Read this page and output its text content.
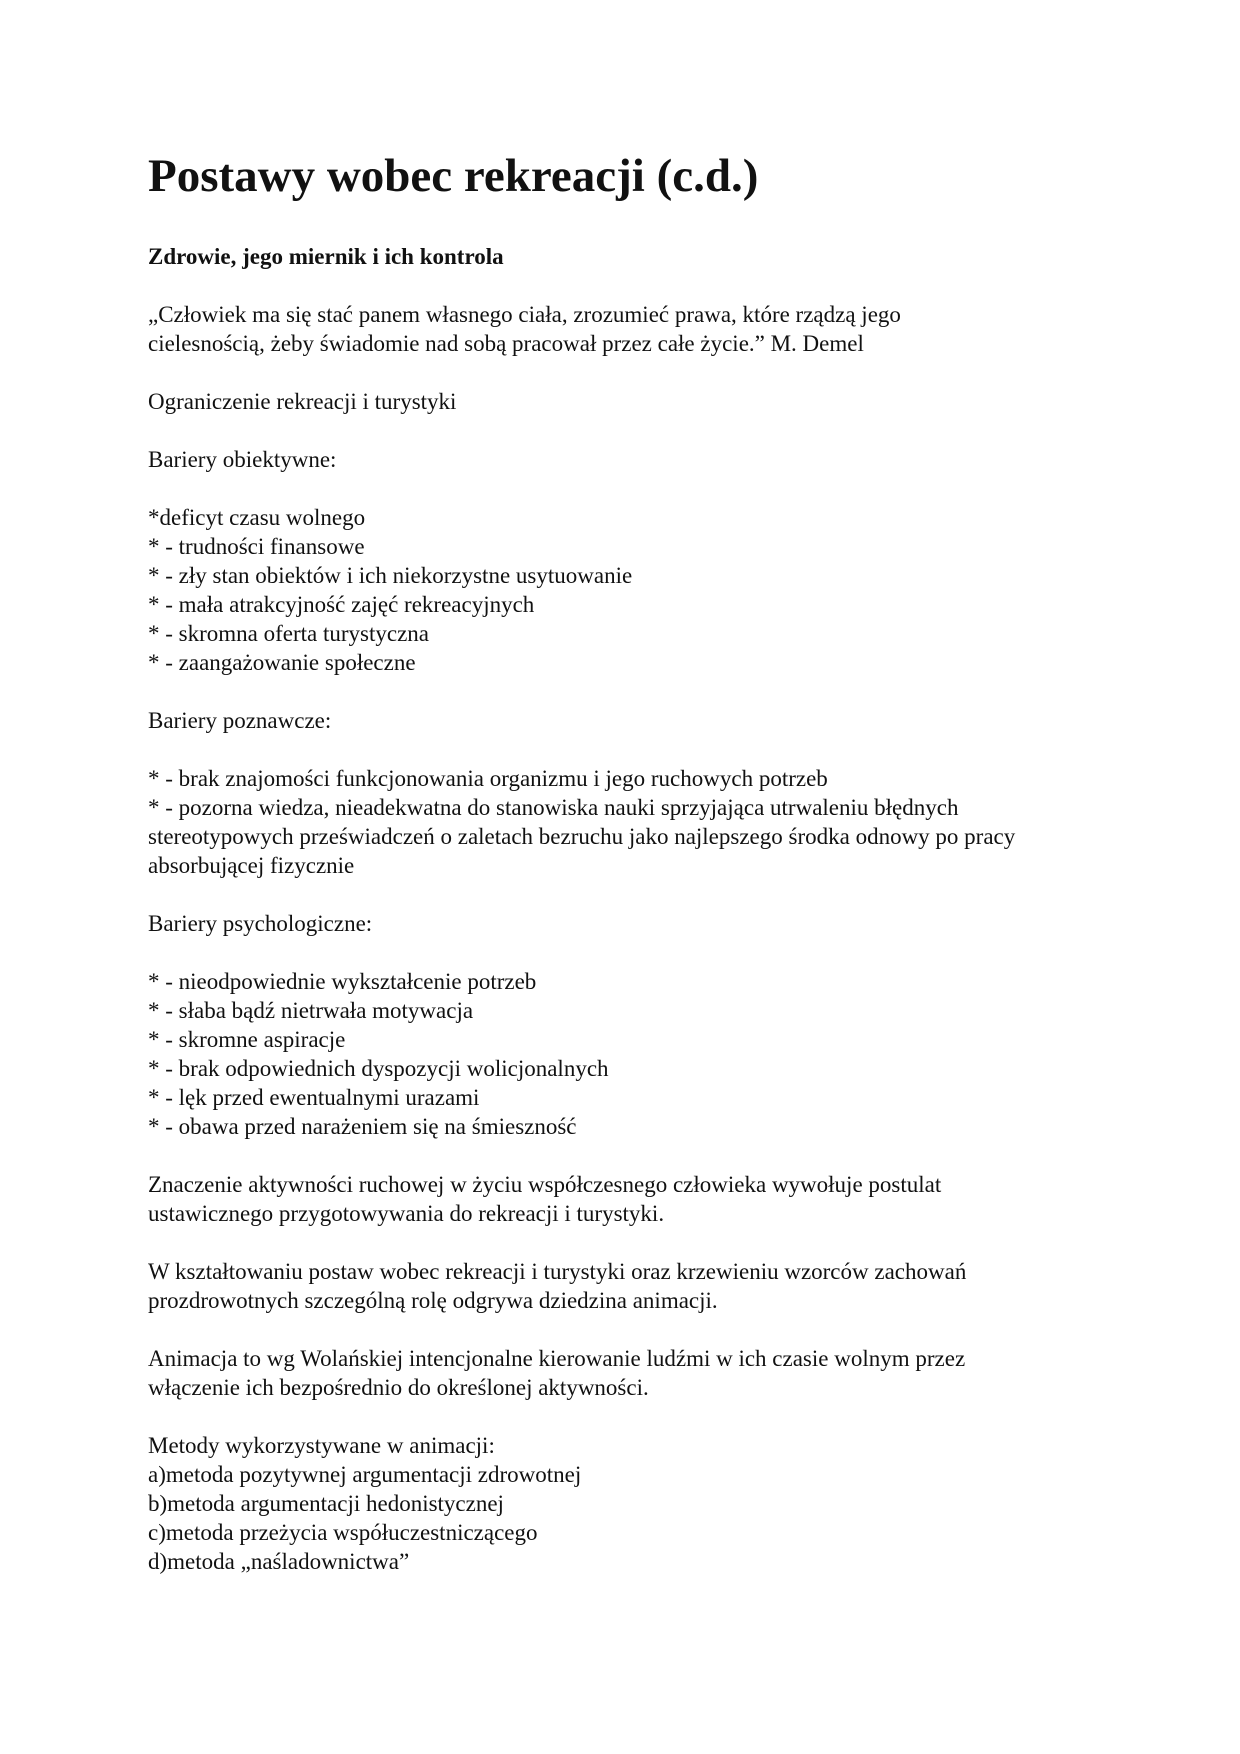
Postawy wobec rekreacji (c.d.)
Zdrowie, jego miernik i ich kontrola
„Człowiek ma się stać panem własnego ciała, zrozumieć prawa, które rządzą jego
cielesnością, żeby świadomie nad sobą pracował przez całe życie.” M. Demel
Ograniczenie rekreacji i turystyki
Bariery obiektywne:
*deficyt czasu wolnego
* - trudności finansowe
* - zły stan obiektów i ich niekorzystne usytuowanie
* - mała atrakcyjność zajęć rekreacyjnych
* - skromna oferta turystyczna
* - zaangażowanie społeczne
Bariery poznawcze:
* - brak znajomości funkcjonowania organizmu i jego ruchowych potrzeb
* - pozorna wiedza, nieadekwatna do stanowiska nauki sprzyjająca utrwaleniu błędnych
stereotypowych przeświadczeń o zaletach bezruchu jako najlepszego środka odnowy po pracy
absorbującej fizycznie
Bariery psychologiczne:
* - nieodpowiednie wykształcenie potrzeb
* - słaba bądź nietrwała motywacja
* - skromne aspiracje
* - brak odpowiednich dyspozycji wolicjonalnych
* - lęk przed ewentualnymi urazami
* - obawa przed narażeniem się na śmieszność
Znaczenie aktywności ruchowej w życiu współczesnego człowieka wywołuje postulat
ustawicznego przygotowywania do rekreacji i turystyki.
W kształtowaniu postaw wobec rekreacji i turystyki oraz krzewieniu wzorców zachowań
prozdrowotnych szczególną rolę odgrywa dziedzina animacji.
Animacja to wg Wolańskiej intencjonalne kierowanie ludźmi w ich czasie wolnym przez
włączenie ich bezpośrednio do określonej aktywności.
Metody wykorzystywane w animacji:
a)metoda pozytywnej argumentacji zdrowotnej
b)metoda argumentacji hedonistycznej
c)metoda przeżycia współuczestniczącego
d)metoda „naśladownictwa”
